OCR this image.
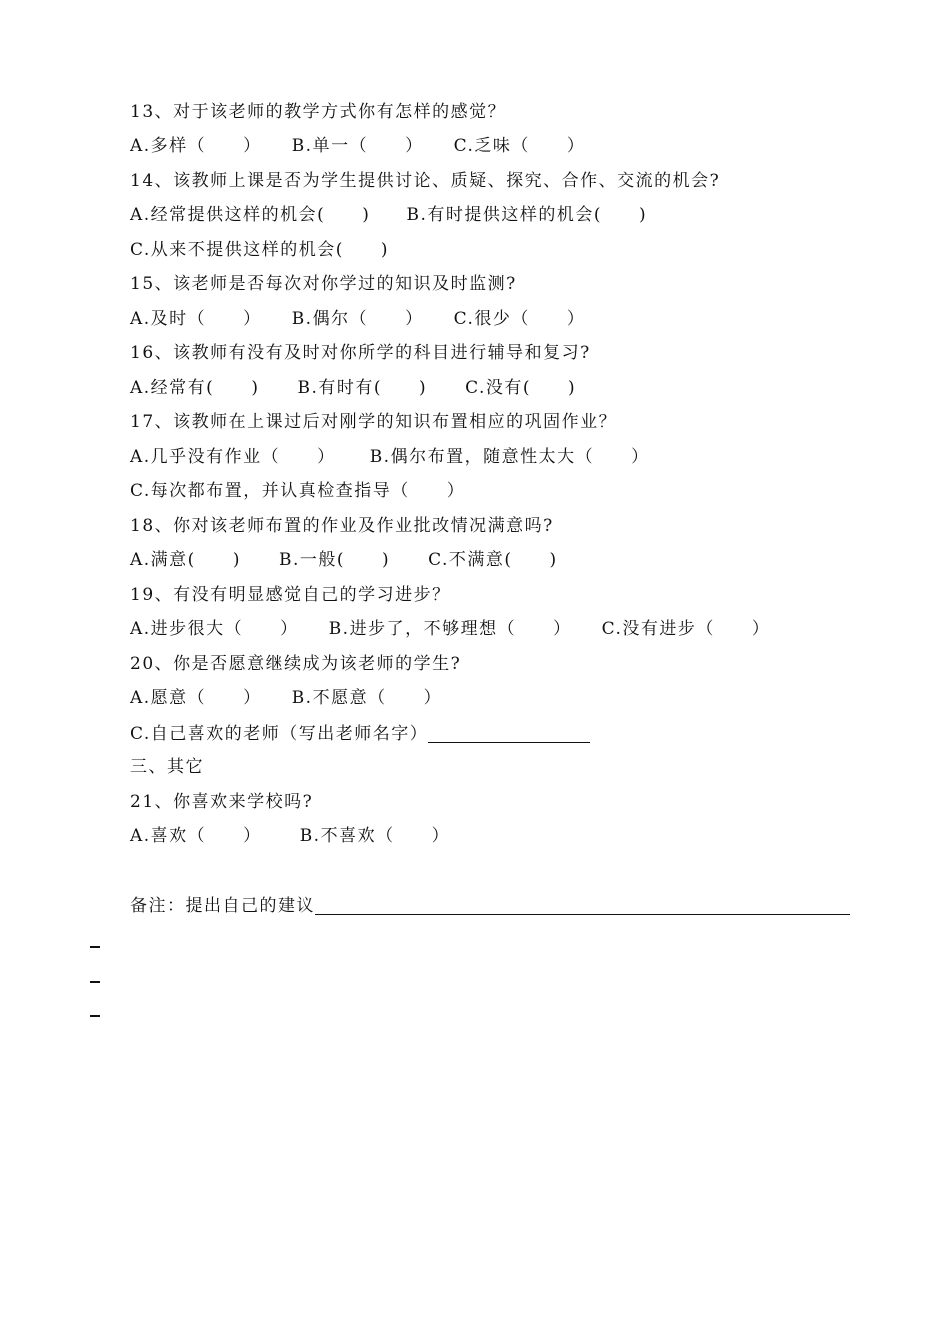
13、对于该老师的教学方式你有怎样的感觉？
A.多样（　　） B.单一（　　） C.乏味（　　）
14、该教师上课是否为学生提供讨论、质疑、探究、合作、交流的机会?
A.经常提供这样的机会(　　) B.有时提供这样的机会(　　)
C.从来不提供这样的机会(　　)
15、该老师是否每次对你学过的知识及时监测?
A.及时（　　） B.偶尔（　　） C.很少（　　）
16、该教师有没有及时对你所学的科目进行辅导和复习?
A.经常有(　　) B.有时有(　　) C.没有(　　)
17、该教师在上课过后对刚学的知识布置相应的巩固作业？
A.几乎没有作业（　　） B.偶尔布置，随意性太大（　　）
C.每次都布置，并认真检查指导（　　）
18、你对该老师布置的作业及作业批改情况满意吗?
A.满意(　　) B.一般(　　) C.不满意(　　)
19、有没有明显感觉自己的学习进步？
A.进步很大（　　） B.进步了，不够理想（　　） C.没有进步（　　）
20、你是否愿意继续成为该老师的学生?
A.愿意（　　） B.不愿意（　　）
C.自己喜欢的老师（写出老师名字）
三、其它
21、你喜欢来学校吗?
A.喜欢（　　） B.不喜欢（　　）
备注：提出自己的建议
